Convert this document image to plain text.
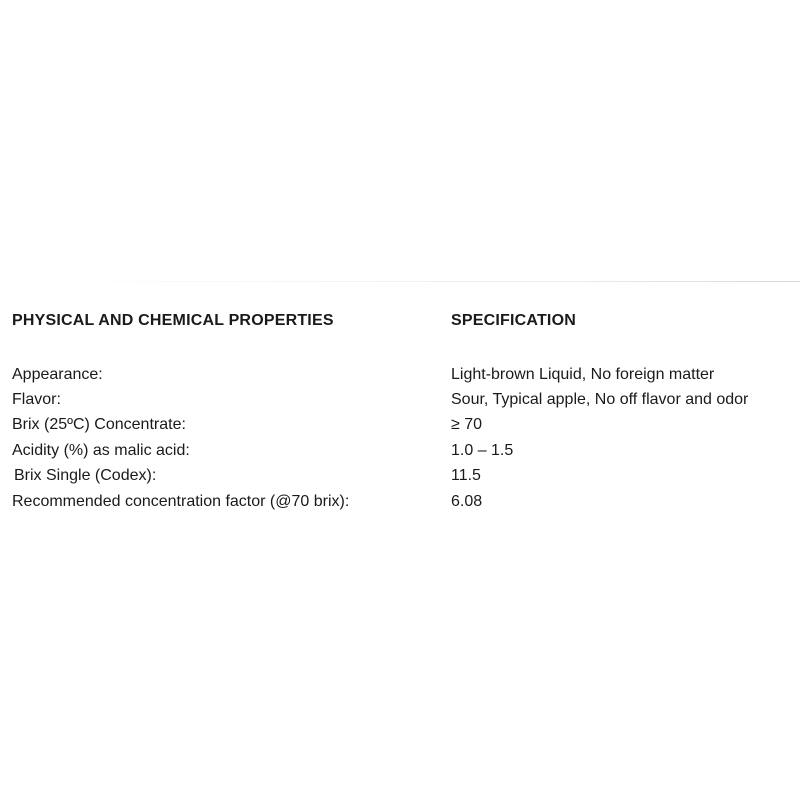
PHYSICAL AND CHEMICAL PROPERTIES	SPECIFICATION
Appearance:	Light-brown Liquid, No foreign matter
Flavor:	Sour, Typical apple, No off flavor and odor
Brix (25ºC) Concentrate:	≥ 70
Acidity (%) as malic acid:	1.0 – 1.5
Brix Single (Codex):	11.5
Recommended concentration factor (@70 brix):	6.08
